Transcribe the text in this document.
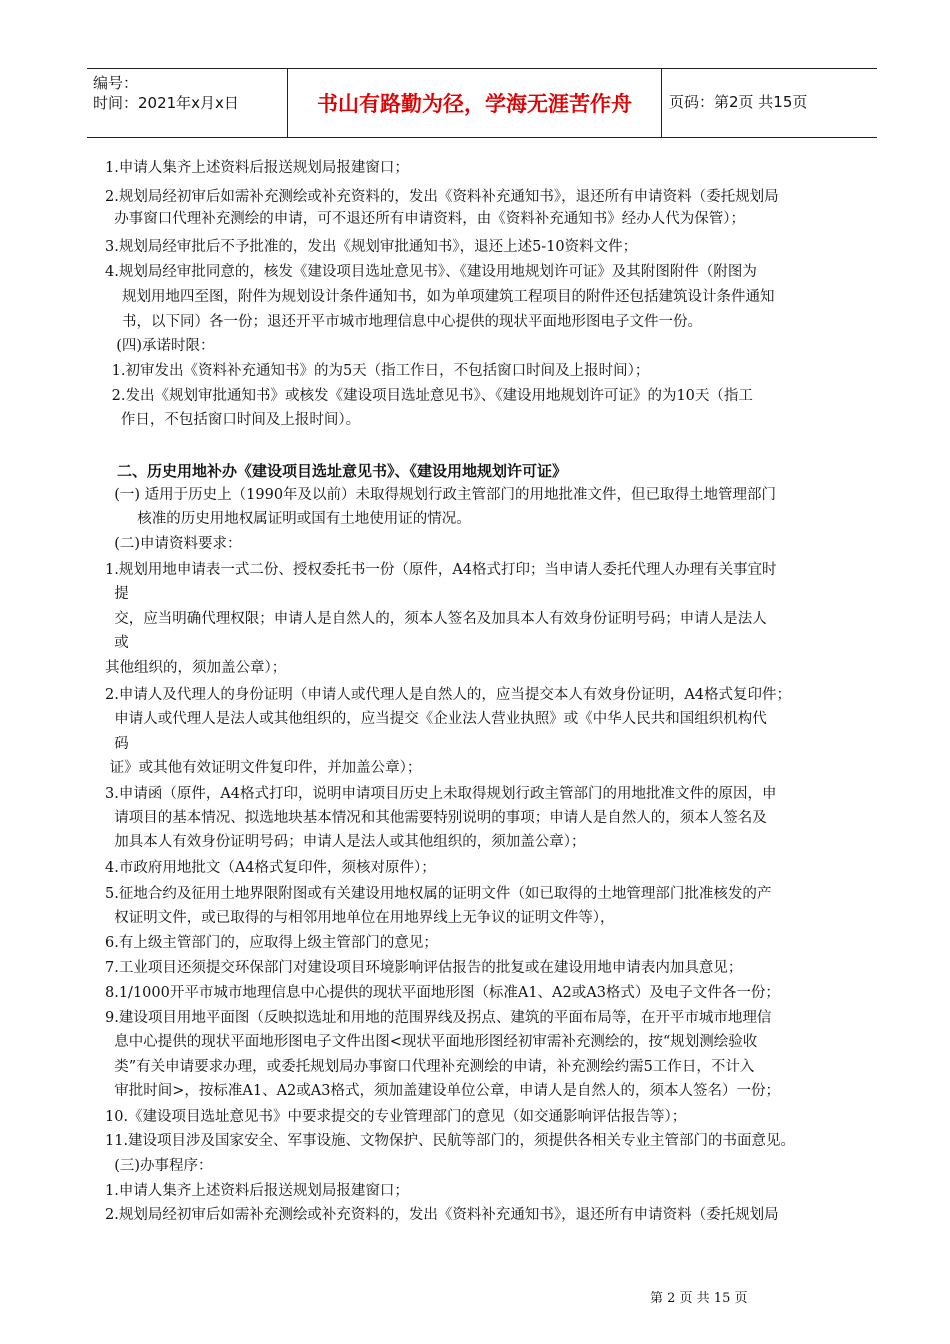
编号：
时间：2021年x月x日	书山有路勤为径，学海无涯苦作舟	页码：第2页 共15页
1.申请人集齐上述资料后报送规划局报建窗口；
2.规划局经初审后如需补充测绘或补充资料的，发出《资料补充通知书》，退还所有申请资料（委托规划局
办事窗口代理补充测绘的申请，可不退还所有申请资料，由《资料补充通知书》经办人代为保管）；
3.规划局经审批后不予批准的，发出《规划审批通知书》，退还上述5-10资料文件；
4.规划局经审批同意的，核发《建设项目选址意见书》、《建设用地规划许可证》及其附图附件（附图为
规划用地四至图，附件为规划设计条件通知书，如为单项建筑工程项目的附件还包括建筑设计条件通知
书，以下同）各一份；退还开平市城市地理信息中心提供的现状平面地形图电子文件一份。
(四)承诺时限：
1.初审发出《资料补充通知书》的为5天（指工作日，不包括窗口时间及上报时间）；
2.发出《规划审批通知书》或核发《建设项目选址意见书》、《建设用地规划许可证》的为10天（指工
作日，不包括窗口时间及上报时间）。
二、历史用地补办《建设项目选址意见书》、《建设用地规划许可证》
(一) 适用于历史上（1990年及以前）未取得规划行政主管部门的用地批准文件，但已取得土地管理部门
核准的历史用地权属证明或国有土地使用证的情况。
(二)申请资料要求：
1.规划用地申请表一式二份、授权委托书一份（原件，A4格式打印；当申请人委托代理人办理有关事宜时
提
交，应当明确代理权限；申请人是自然人的，须本人签名及加具本人有效身份证明号码；申请人是法人
或
其他组织的，须加盖公章）；
2.申请人及代理人的身份证明（申请人或代理人是自然人的，应当提交本人有效身份证明，A4格式复印件；
申请人或代理人是法人或其他组织的，应当提交《企业法人营业执照》或《中华人民共和国组织机构代
码
证》或其他有效证明文件复印件，并加盖公章）；
3.申请函（原件，A4格式打印，说明申请项目历史上未取得规划行政主管部门的用地批准文件的原因，申
请项目的基本情况、拟选地块基本情况和其他需要特别说明的事项；申请人是自然人的，须本人签名及
加具本人有效身份证明号码；申请人是法人或其他组织的，须加盖公章）；
4.市政府用地批文（A4格式复印件，须核对原件）；
5.征地合约及征用土地界限附图或有关建设用地权属的证明文件（如已取得的土地管理部门批准核发的产
权证明文件，或已取得的与相邻用地单位在用地界线上无争议的证明文件等），
6.有上级主管部门的，应取得上级主管部门的意见；
7.工业项目还须提交环保部门对建设项目环境影响评估报告的批复或在建设用地申请表内加具意见；
8.1/1000开平市城市地理信息中心提供的现状平面地形图（标准A1、A2或A3格式）及电子文件各一份；
9.建设项目用地平面图（反映拟选址和用地的范围界线及拐点、建筑的平面布局等，在开平市城市地理信
息中心提供的现状平面地形图电子文件出图<现状平面地形图经初审需补充测绘的，按“规划测绘验收
类”有关申请要求办理，或委托规划局办事窗口代理补充测绘的申请，补充测绘约需5工作日，不计入
审批时间>，按标准A1、A2或A3格式，须加盖建设单位公章，申请人是自然人的，须本人签名）一份；
10.《建设项目选址意见书》中要求提交的专业管理部门的意见（如交通影响评估报告等）；
11.建设项目涉及国家安全、军事设施、文物保护、民航等部门的，须提供各相关专业主管部门的书面意见。
(三)办事程序：
1.申请人集齐上述资料后报送规划局报建窗口；
2.规划局经初审后如需补充测绘或补充资料的，发出《资料补充通知书》，退还所有申请资料（委托规划局
第 2 页 共 15 页
